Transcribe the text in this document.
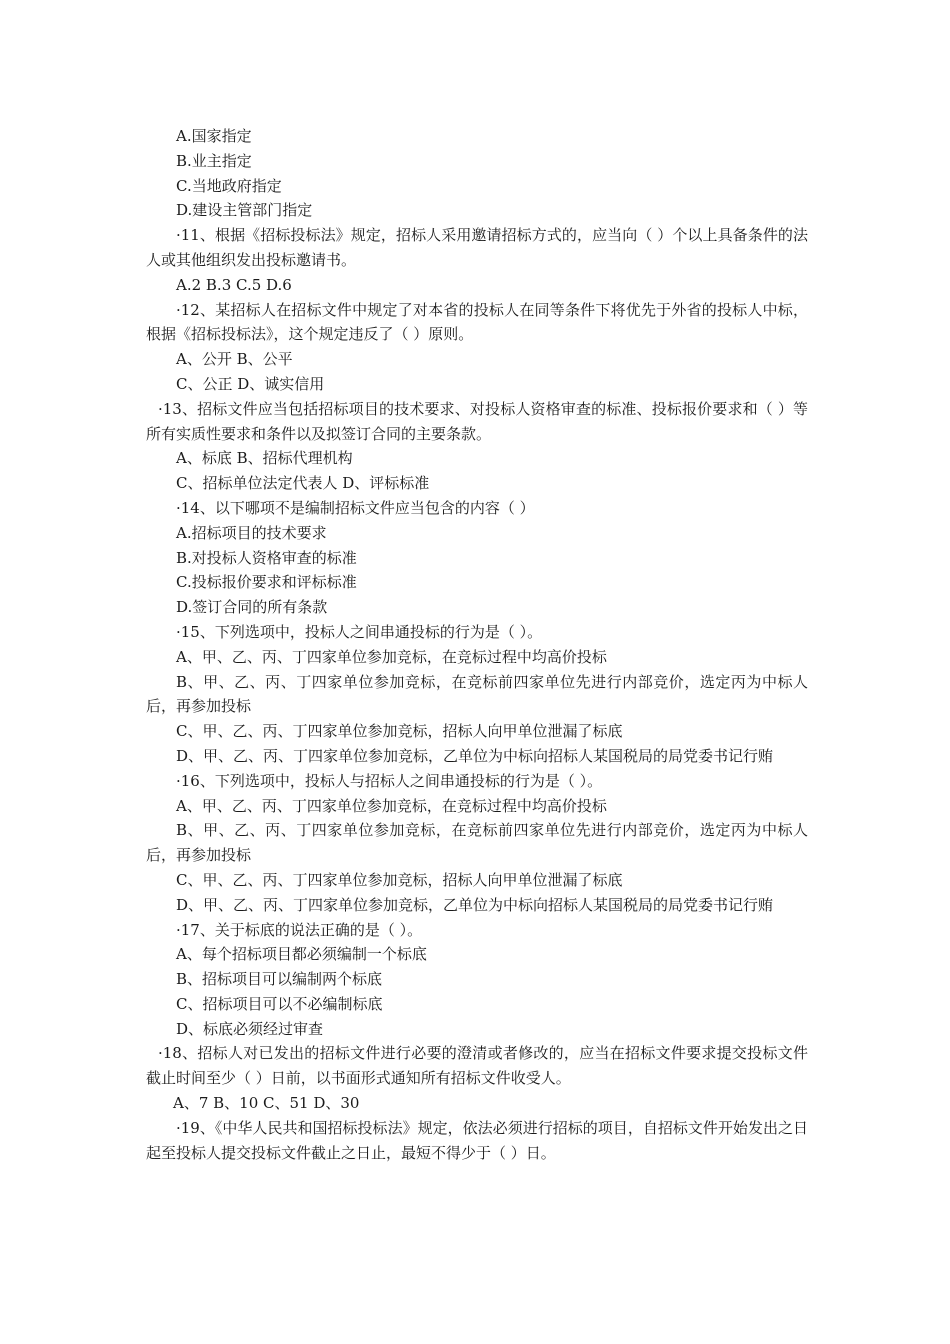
A.国家指定
B.业主指定
C.当地政府指定
D.建设主管部门指定
·11、根据《招标投标法》规定，招标人采用邀请招标方式的，应当向（ ）个以上具备条件的法人或其他组织发出投标邀请书。
A.2 B.3 C.5 D.6
·12、某招标人在招标文件中规定了对本省的投标人在同等条件下将优先于外省的投标人中标，根据《招标投标法》，这个规定违反了（ ）原则。
A、公开 B、公平
C、公正 D、诚实信用
·13、招标文件应当包括招标项目的技术要求、对投标人资格审查的标准、投标报价要求和（ ）等所有实质性要求和条件以及拟签订合同的主要条款。
A、标底 B、招标代理机构
C、招标单位法定代表人 D、评标标准
·14、以下哪项不是编制招标文件应当包含的内容（ ）
A.招标项目的技术要求
B.对投标人资格审查的标准
C.投标报价要求和评标标准
D.签订合同的所有条款
·15、下列选项中，投标人之间串通投标的行为是（ ）。
A、甲、乙、丙、丁四家单位参加竞标，在竞标过程中均高价投标
B、甲、乙、丙、丁四家单位参加竞标，在竞标前四家单位先进行内部竞价，选定丙为中标人后，再参加投标
C、甲、乙、丙、丁四家单位参加竞标，招标人向甲单位泄漏了标底
D、甲、乙、丙、丁四家单位参加竞标，乙单位为中标向招标人某国税局的局党委书记行贿
·16、下列选项中，投标人与招标人之间串通投标的行为是（ ）。
A、甲、乙、丙、丁四家单位参加竞标，在竞标过程中均高价投标
B、甲、乙、丙、丁四家单位参加竞标，在竞标前四家单位先进行内部竞价，选定丙为中标人后，再参加投标
C、甲、乙、丙、丁四家单位参加竞标，招标人向甲单位泄漏了标底
D、甲、乙、丙、丁四家单位参加竞标，乙单位为中标向招标人某国税局的局党委书记行贿
·17、关于标底的说法正确的是（ ）。
A、每个招标项目都必须编制一个标底
B、招标项目可以编制两个标底
C、招标项目可以不必编制标底
D、标底必须经过审查
·18、招标人对已发出的招标文件进行必要的澄清或者修改的，应当在招标文件要求提交投标文件截止时间至少（ ）日前，以书面形式通知所有招标文件收受人。
A、7 B、10 C、51 D、30
·19、《中华人民共和国招标投标法》规定，依法必须进行招标的项目，自招标文件开始发出之日起至投标人提交投标文件截止之日止，最短不得少于（ ）日。
